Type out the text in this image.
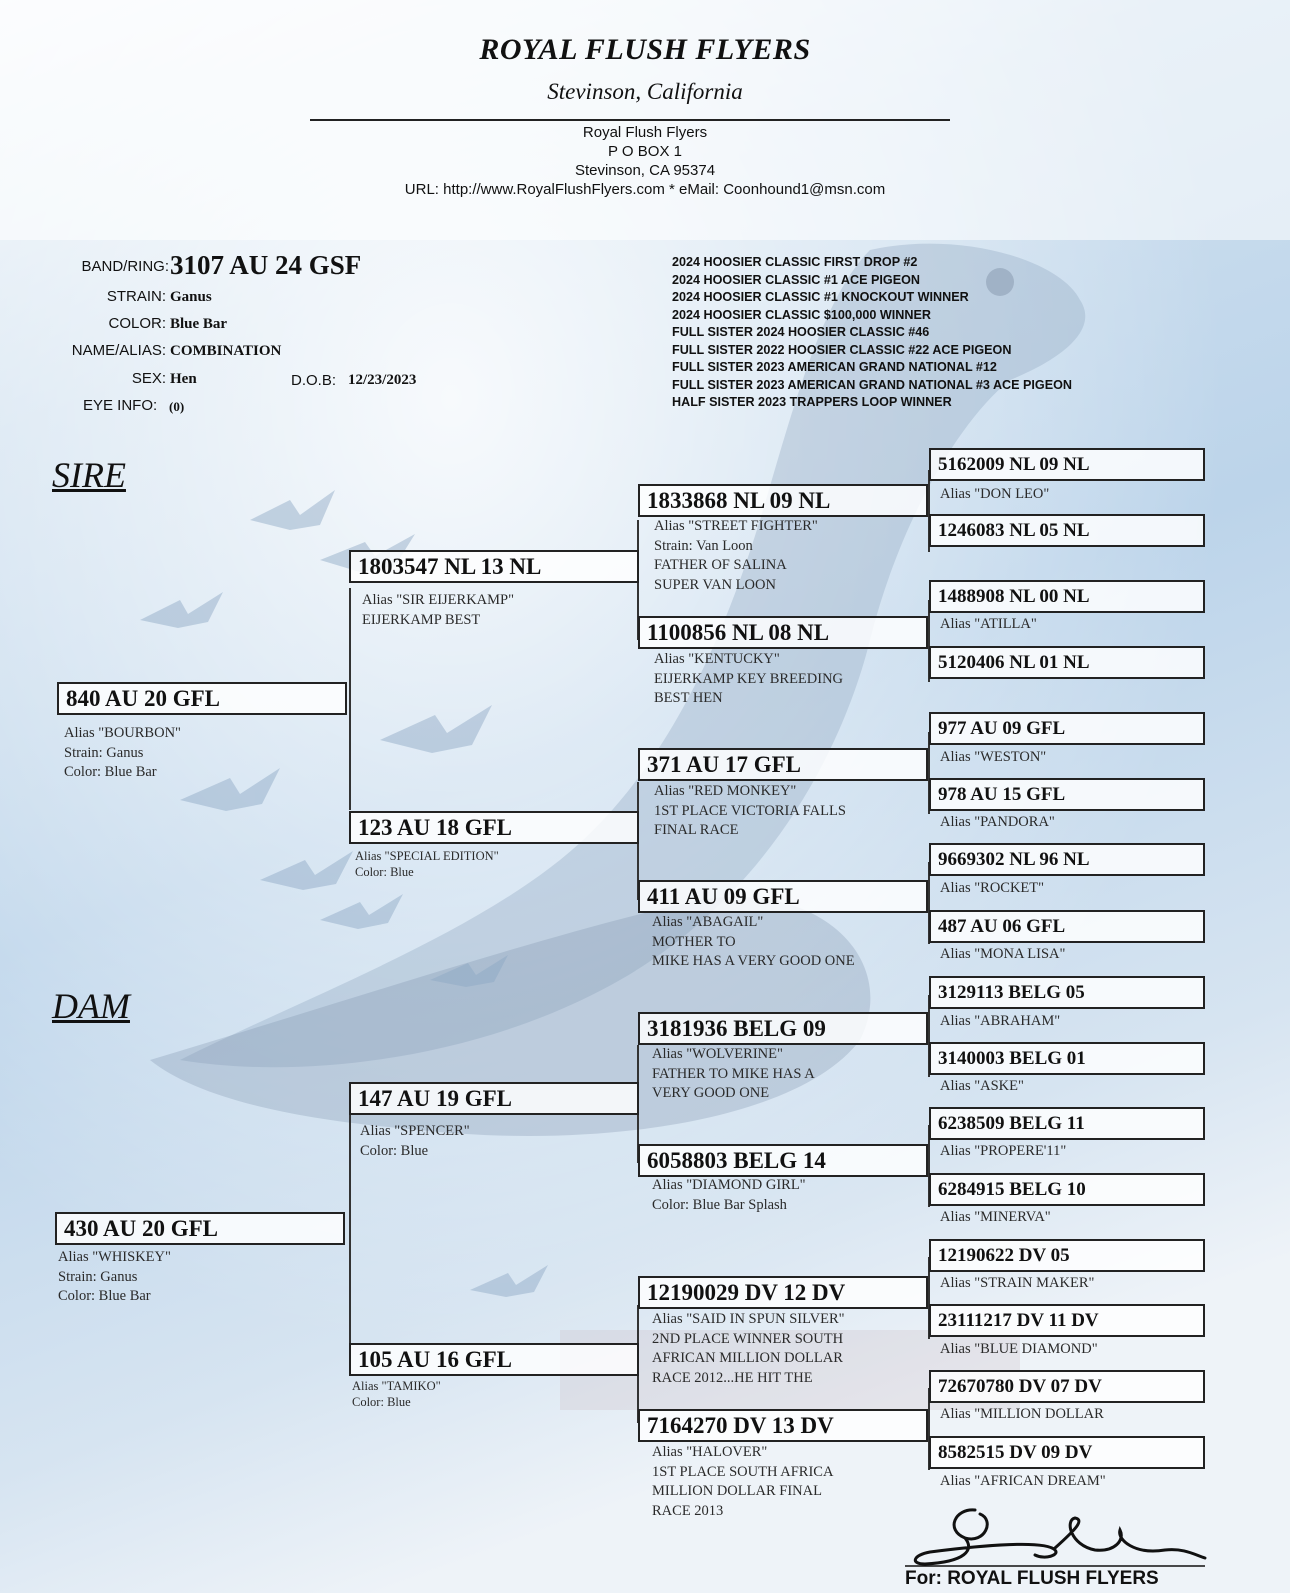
ROYAL FLUSH FLYERS
Stevinson, California
Royal Flush Flyers
P O BOX 1
Stevinson, CA 95374
URL: http://www.RoyalFlushFlyers.com * eMail: Coonhound1@msn.com
BAND/RING: 3107 AU 24 GSF
STRAIN: Ganus
COLOR: Blue Bar
NAME/ALIAS: COMBINATION
SEX: Hen	D.O.B: 12/23/2023
EYE INFO: (0)
2024 HOOSIER CLASSIC FIRST DROP #2
2024 HOOSIER CLASSIC #1 ACE PIGEON
2024 HOOSIER CLASSIC #1 KNOCKOUT WINNER
2024 HOOSIER CLASSIC $100,000 WINNER
FULL SISTER 2024 HOOSIER CLASSIC #46
FULL SISTER 2022 HOOSIER CLASSIC #22 ACE PIGEON
FULL SISTER 2023 AMERICAN GRAND NATIONAL #12
FULL SISTER 2023 AMERICAN GRAND NATIONAL #3 ACE PIGEON
HALF SISTER 2023 TRAPPERS LOOP WINNER
SIRE
DAM
840 AU 20 GFL
Alias "BOURBON"
Strain: Ganus
Color: Blue Bar
430 AU 20 GFL
Alias "WHISKEY"
Strain: Ganus
Color: Blue Bar
1803547 NL 13 NL
Alias "SIR EIJERKAMP"
EIJERKAMP BEST
123 AU 18 GFL
Alias "SPECIAL EDITION"
Color: Blue
147 AU 19 GFL
Alias "SPENCER"
Color: Blue
105 AU 16 GFL
Alias "TAMIKO"
Color: Blue
1833868 NL 09 NL
Alias "STREET FIGHTER"
Strain: Van Loon
FATHER OF SALINA
SUPER VAN LOON
1100856 NL 08 NL
Alias "KENTUCKY"
EIJERKAMP KEY BREEDING
BEST HEN
371 AU 17 GFL
Alias "RED MONKEY"
1ST PLACE VICTORIA FALLS
FINAL RACE
411 AU 09 GFL
Alias "ABAGAIL"
MOTHER TO
MIKE HAS A VERY GOOD ONE
3181936 BELG 09
Alias "WOLVERINE"
FATHER TO MIKE HAS A
VERY GOOD ONE
6058803 BELG 14
Alias "DIAMOND GIRL"
Color: Blue Bar Splash
12190029 DV 12 DV
Alias "SAID IN SPUN SILVER"
2ND PLACE WINNER SOUTH
AFRICAN MILLION DOLLAR
RACE 2012...HE HIT THE
7164270 DV 13 DV
Alias "HALOVER"
1ST PLACE SOUTH AFRICA
MILLION DOLLAR FINAL
RACE 2013
5162009 NL 09 NL
Alias "DON LEO"
1246083 NL 05 NL
1488908 NL 00 NL
Alias "ATILLA"
5120406 NL 01 NL
977 AU 09 GFL
Alias "WESTON"
978 AU 15 GFL
Alias "PANDORA"
9669302 NL 96 NL
Alias "ROCKET"
487 AU 06 GFL
Alias "MONA LISA"
3129113 BELG 05
Alias "ABRAHAM"
3140003 BELG 01
Alias "ASKE"
6238509 BELG 11
Alias "PROPERE'11"
6284915 BELG 10
Alias "MINERVA"
12190622 DV 05
Alias "STRAIN MAKER"
23111217 DV 11 DV
Alias "BLUE DIAMOND"
72670780 DV 07 DV
Alias "MILLION DOLLAR
8582515 DV 09 DV
Alias "AFRICAN DREAM"
For: ROYAL FLUSH FLYERS
